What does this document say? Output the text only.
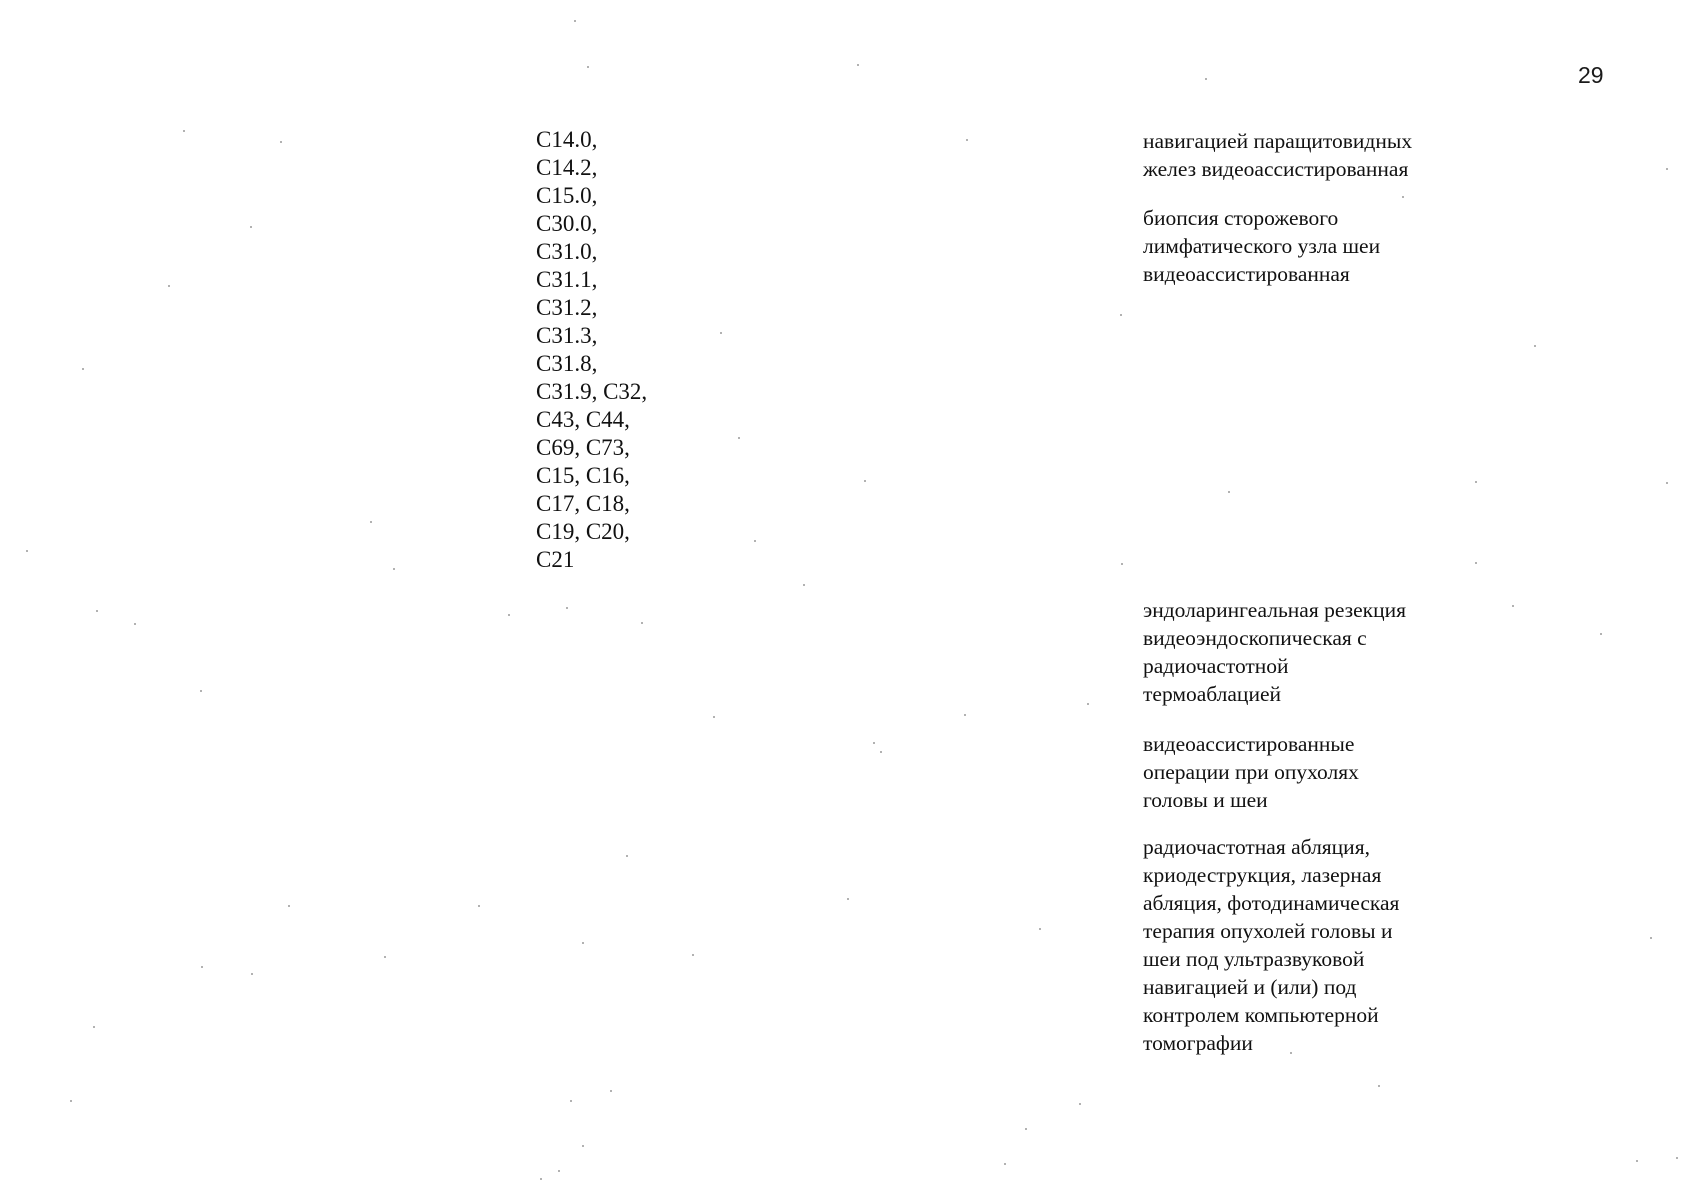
29
C14.0,
C14.2,
C15.0,
C30.0,
C31.0,
C31.1,
C31.2,
C31.3,
C31.8,
C31.9, C32,
C43, C44,
C69, C73,
C15, C16,
C17, C18,
C19, C20,
C21

навигацией паращитовидных
желез видеоассистированная

биопсия сторожевого
лимфатического узла шеи
видеоассистированная

эндоларингеальная резекция
видеоэндоскопическая с
радиочастотной
термоаблацией

видеоассистированные
операции при опухолях
головы и шеи

радиочастотная абляция,
криодеструкция, лазерная
абляция, фотодинамическая
терапия опухолей головы и
шеи под ультразвуковой
навигацией и (или) под
контролем компьютерной
томографии
